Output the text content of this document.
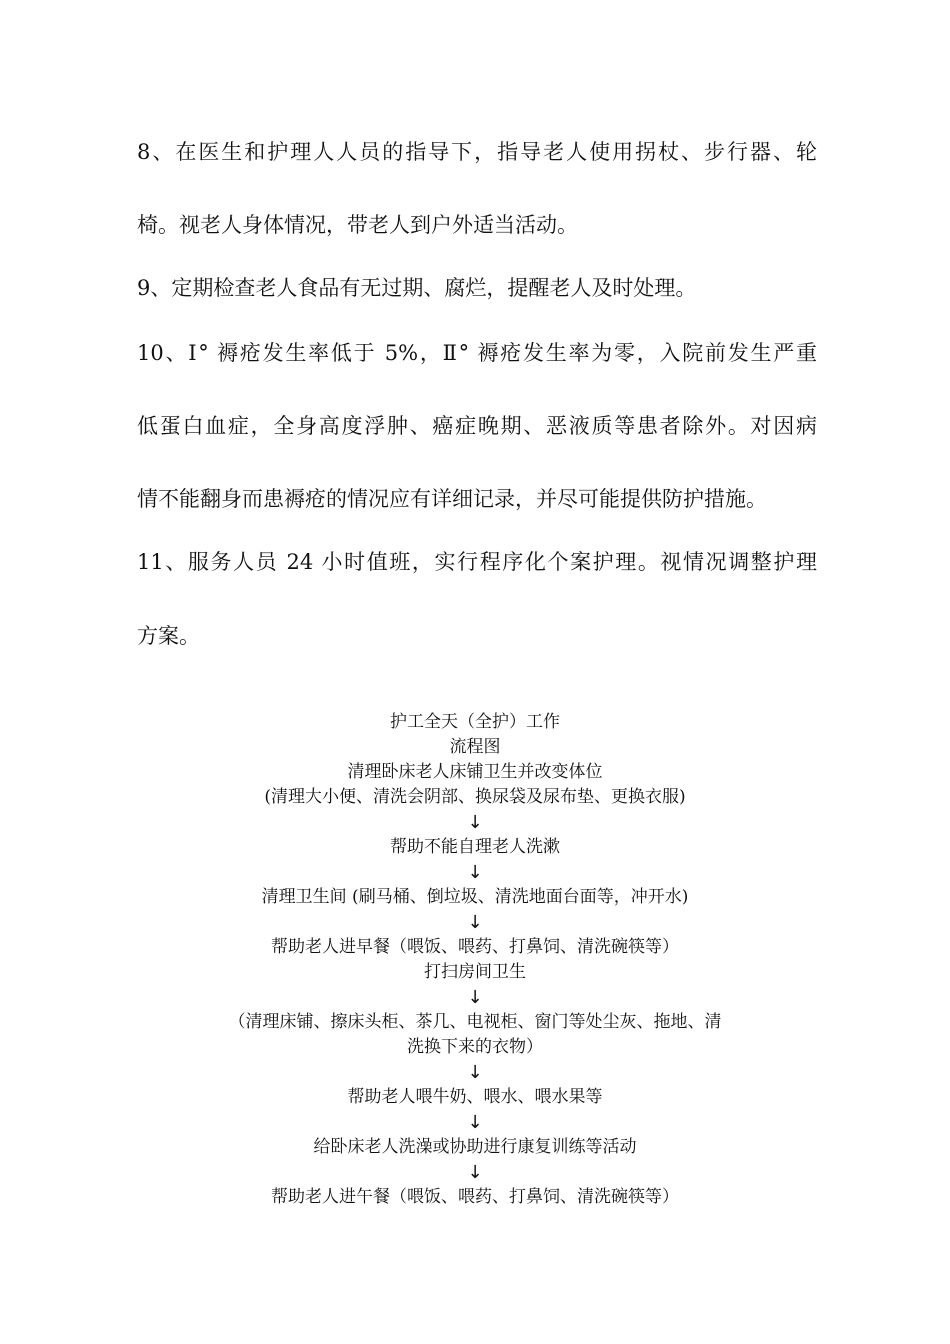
8、在医生和护理人人员的指导下，指导老人使用拐杖、步行器、轮
椅。视老人身体情况，带老人到户外适当活动。
9、定期检查老人食品有无过期、腐烂，提醒老人及时处理。
10、Ⅰ° 褥疮发生率低于 5%，Ⅱ° 褥疮发生率为零，入院前发生严重
低蛋白血症，全身高度浮肿、癌症晚期、恶液质等患者除外。对因病
情不能翻身而患褥疮的情况应有详细记录，并尽可能提供防护措施。
11、服务人员 24 小时值班，实行程序化个案护理。视情况调整护理
方案。
护工全天（全护）工作
流程图
清理卧床老人床铺卫生并改变体位
(清理大小便、清洗会阴部、换尿袋及尿布垫、更换衣服)
↓
帮助不能自理老人洗漱
↓
清理卫生间 (刷马桶、倒垃圾、清洗地面台面等，冲开水)
↓
帮助老人进早餐（喂饭、喂药、打鼻饲、清洗碗筷等）
打扫房间卫生
↓
（清理床铺、擦床头柜、茶几、电视柜、窗门等处尘灰、拖地、清
洗换下来的衣物）
↓
帮助老人喂牛奶、喂水、喂水果等
↓
给卧床老人洗澡或协助进行康复训练等活动
↓
帮助老人进午餐（喂饭、喂药、打鼻饲、清洗碗筷等）
